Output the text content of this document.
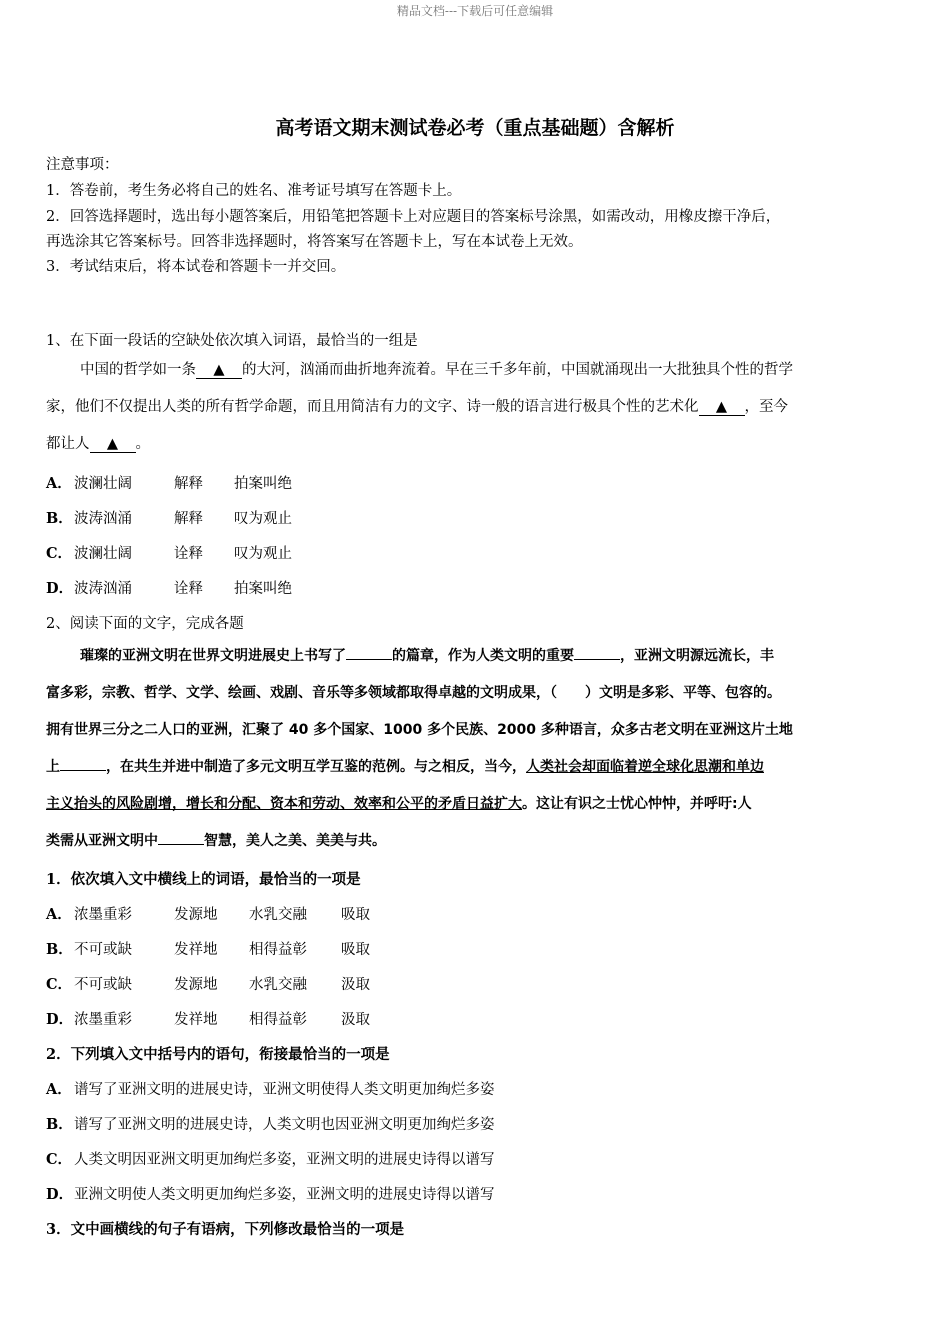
精品文档---下载后可任意编辑
高考语文期末测试卷必考（重点基础题）含解析
注意事项：
1．答卷前，考生务必将自己的姓名、准考证号填写在答题卡上。
2．回答选择题时，选出每小题答案后，用铅笔把答题卡上对应题目的答案标号涂黑，如需改动，用橡皮擦干净后，
再选涂其它答案标号。回答非选择题时，将答案写在答题卡上，写在本试卷上无效。
3．考试结束后，将本试卷和答题卡一并交回。
1、在下面一段话的空缺处依次填入词语，最恰当的一组是
中国的哲学如一条 ▲ 的大河，汹涌而曲折地奔流着。早在三千多年前，中国就涌现出一大批独具个性的哲学
家，他们不仅提出人类的所有哲学命题，而且用简洁有力的文字、诗一般的语言进行极具个性的艺术化 ▲ ，至今
都让人 ▲ 。
A． 波澜壮阔	解释 拍案叫绝
B．波涛汹涌	解释 叹为观止
C． 波澜壮阔	诠释 叹为观止
D．波涛汹涌	诠释 拍案叫绝
2、阅读下面的文字，完成各题
璀璨的亚洲文明在世界文明进展史上书写了	的篇章，作为人类文明的重要	，亚洲文明源远流长，丰
富多彩，宗教、哲学、文学、绘画、戏剧、音乐等多领域都取得卓越的文明成果，（　　）文明是多彩、平等、包容的。
拥有世界三分之二人口的亚洲，汇聚了 40 多个国家、1000 多个民族、2000 多种语言，众多古老文明在亚洲这片土地
上	，在共生并进中制造了多元文明互学互鉴的范例。与之相反，当今，人类社会却面临着逆全球化思潮和单边
主义抬头的风险剧增，增长和分配、资本和劳动、效率和公平的矛盾日益扩大。这让有识之士忧心忡忡，并呼吁:人
类需从亚洲文明中	智慧，美人之美、美美与共。
1．依次填入文中横线上的词语，最恰当的一项是
A． 浓墨重彩	发源地 水乳交融 吸取
B．不可或缺	发祥地 相得益彰 吸取
C． 不可或缺	发源地 水乳交融 汲取
D．浓墨重彩	发祥地 相得益彰 汲取
2．下列填入文中括号内的语句，衔接最恰当的一项是
A． 谱写了亚洲文明的进展史诗，亚洲文明使得人类文明更加绚烂多姿
B．谱写了亚洲文明的进展史诗，人类文明也因亚洲文明更加绚烂多姿
C． 人类文明因亚洲文明更加绚烂多姿，亚洲文明的进展史诗得以谱写
D．亚洲文明使人类文明更加绚烂多姿，亚洲文明的进展史诗得以谱写
3．文中画横线的句子有语病，下列修改最恰当的一项是
